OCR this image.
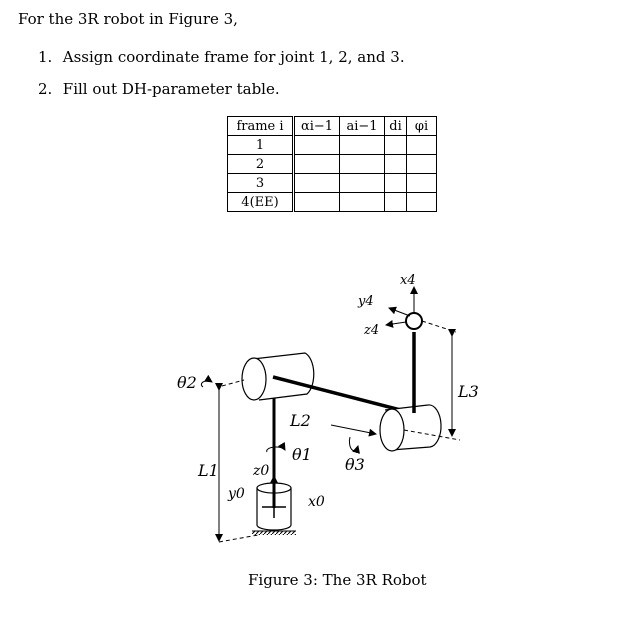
For the 3R robot in Figure 3,
1. Assign coordinate frame for joint 1, 2, and 3.
2. Fill out DH-parameter table.
frame i	αi−1	ai−1	di	φi
1				
2				
3				
4(EE)				
x4
y4
z4
θ2
θ1
θ3
L1
L2
L3
z0
y0	x0
Figure 3: The 3R Robot
